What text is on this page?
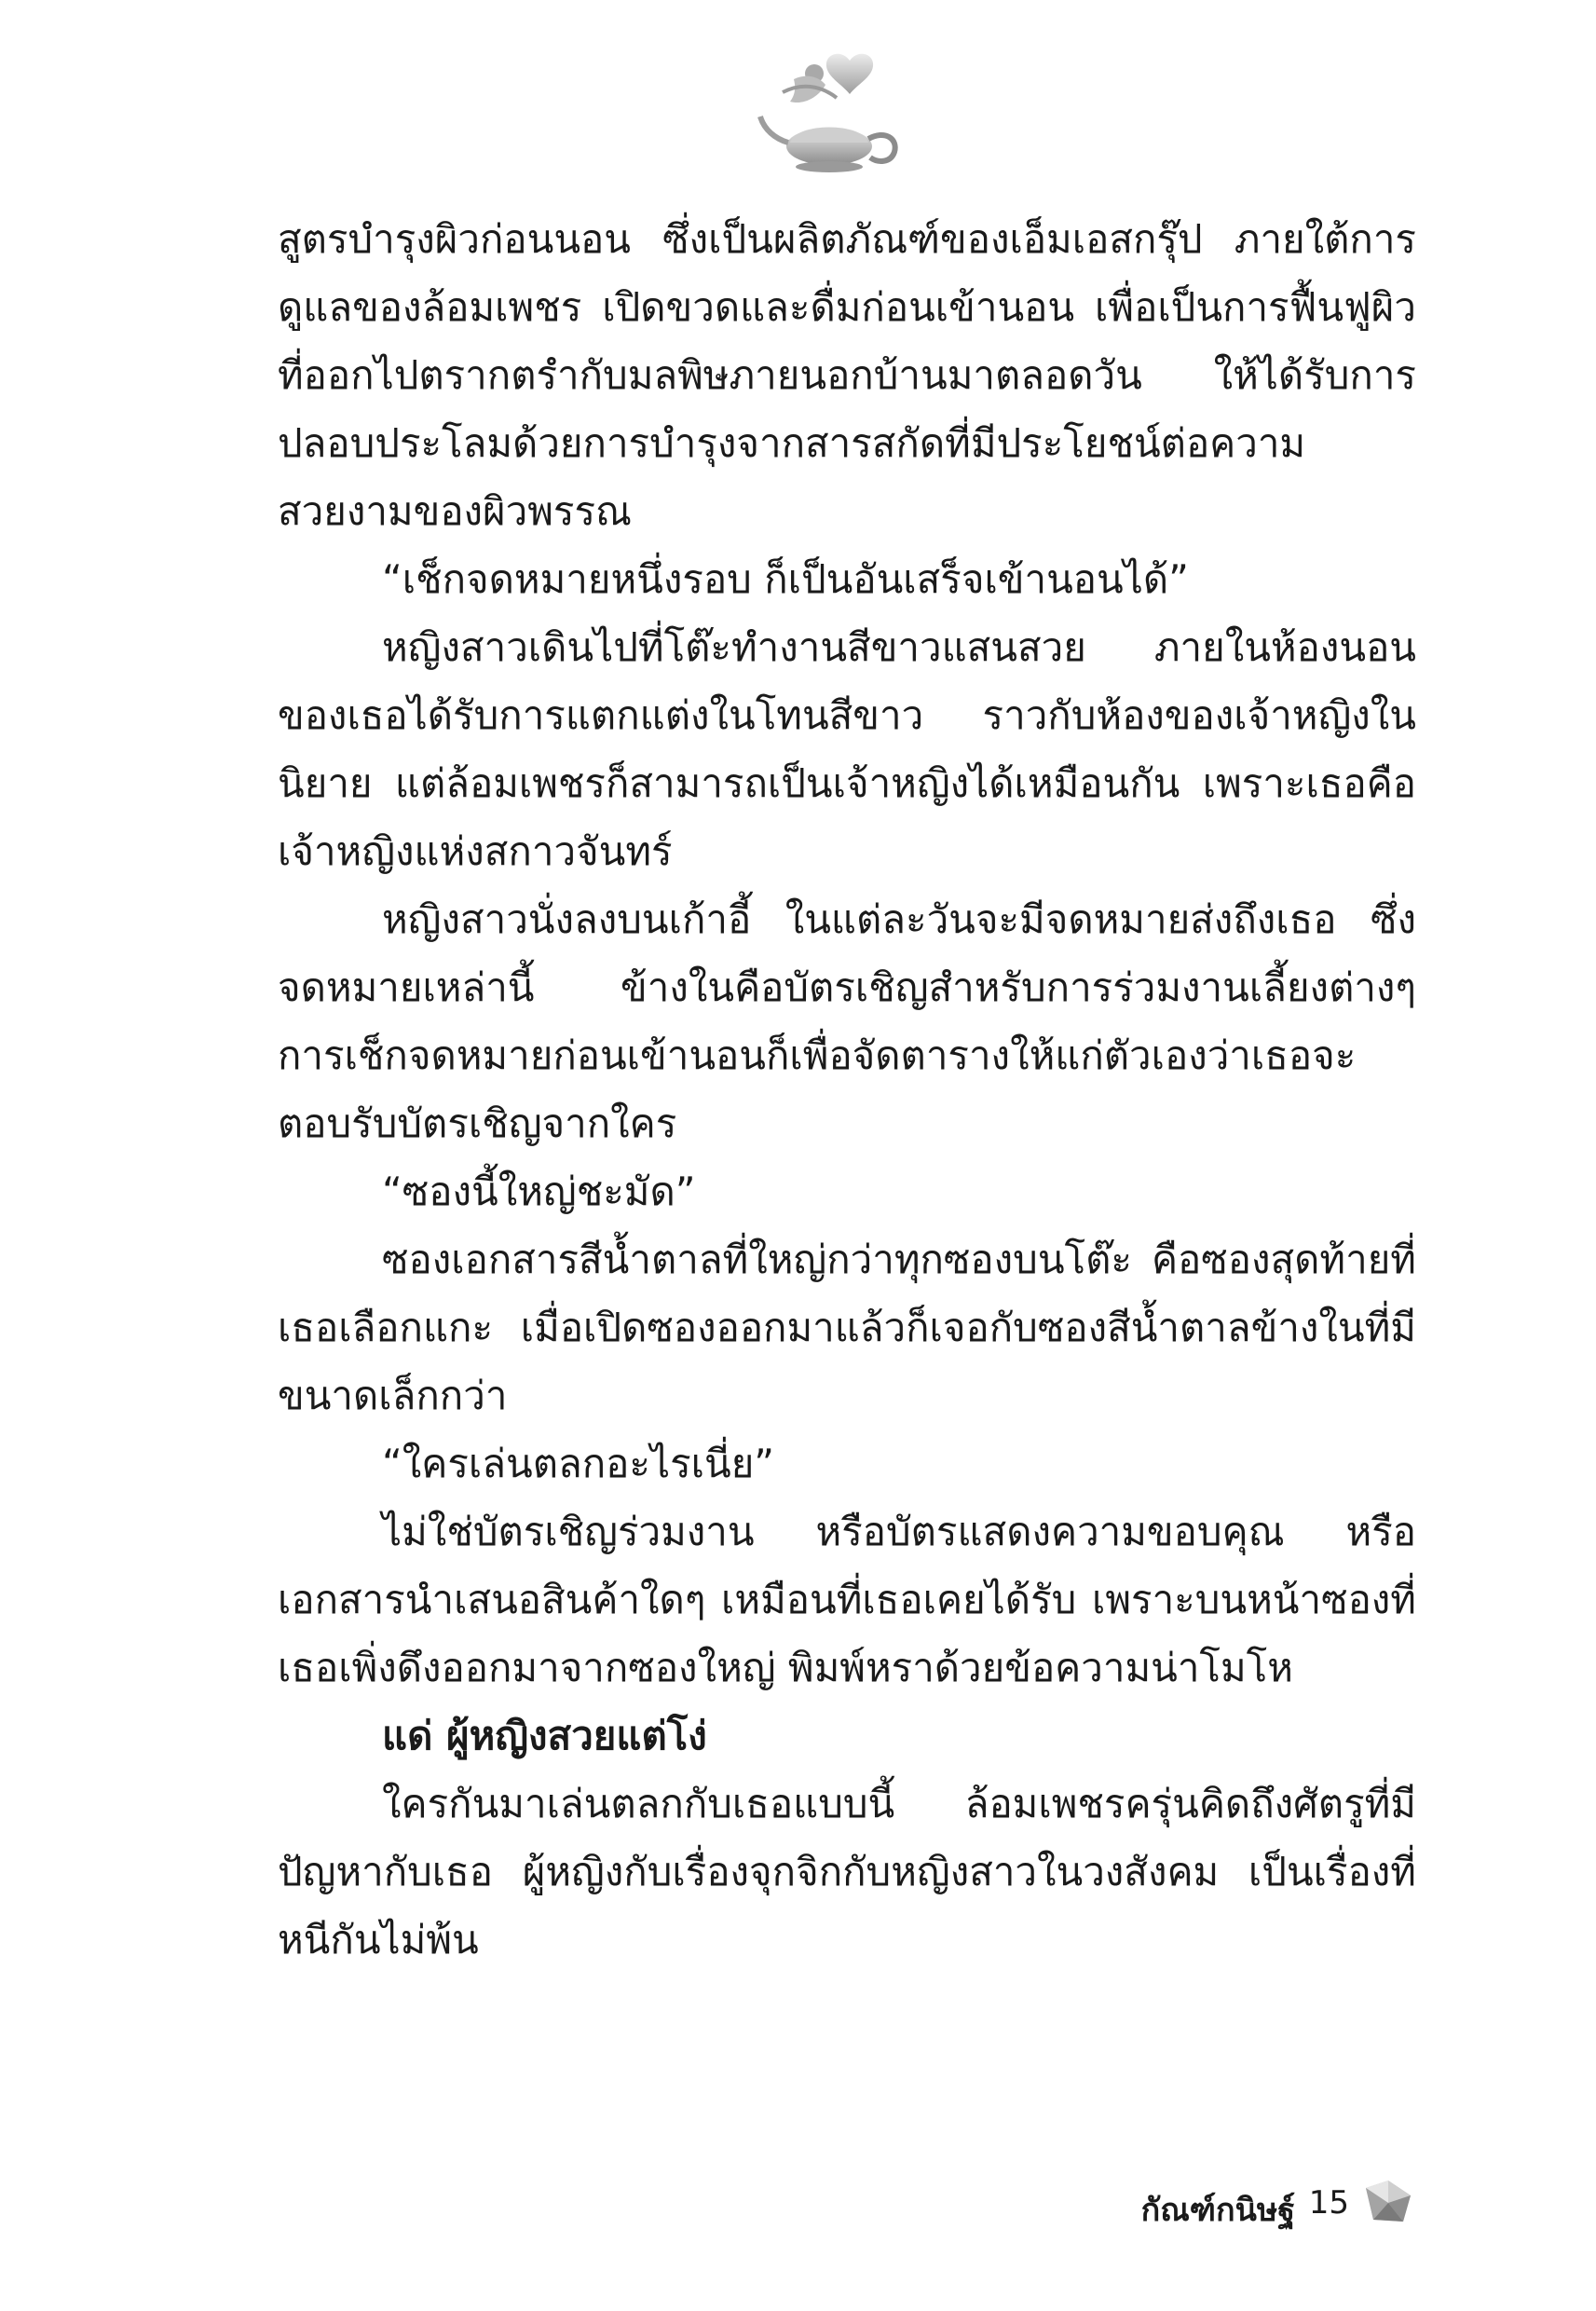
สูตรบำรุงผิวก่อนนอน ซึ่งเป็นผลิตภัณฑ์ของเอ็มเอสกรุ๊ป ภายใต้การดูแลของล้อมเพชร เปิดขวดและดื่มก่อนเข้านอน เพื่อเป็นการฟื้นฟูผิวที่ออกไปตรากตรำกับมลพิษภายนอกบ้านมาตลอดวัน ให้ได้รับการปลอบประโลมด้วยการบำรุงจากสารสกัดที่มีประโยชน์ต่อความสวยงามของผิวพรรณ

“เช็กจดหมายหนึ่งรอบ ก็เป็นอันเสร็จเข้านอนได้”

หญิงสาวเดินไปที่โต๊ะทำงานสีขาวแสนสวย ภายในห้องนอนของเธอได้รับการแตกแต่งในโทนสีขาว ราวกับห้องของเจ้าหญิงในนิยาย แต่ล้อมเพชรก็สามารถเป็นเจ้าหญิงได้เหมือนกัน เพราะเธอคือเจ้าหญิงแห่งสกาวจันทร์

หญิงสาวนั่งลงบนเก้าอี้ ในแต่ละวันจะมีจดหมายส่งถึงเธอ ซึ่งจดหมายเหล่านี้ ข้างในคือบัตรเชิญสำหรับการร่วมงานเลี้ยงต่างๆ การเช็กจดหมายก่อนเข้านอนก็เพื่อจัดตารางให้แก่ตัวเองว่าเธอจะตอบรับบัตรเชิญจากใคร

“ซองนี้ใหญ่ชะมัด”

ซองเอกสารสีน้ำตาลที่ใหญ่กว่าทุกซองบนโต๊ะ คือซองสุดท้ายที่เธอเลือกแกะ เมื่อเปิดซองออกมาแล้วก็เจอกับซองสีน้ำตาลข้างในที่มีขนาดเล็กกว่า

“ใครเล่นตลกอะไรเนี่ย”

ไม่ใช่บัตรเชิญร่วมงาน หรือบัตรแสดงความขอบคุณ หรือเอกสารนำเสนอสินค้าใดๆ เหมือนที่เธอเคยได้รับ เพราะบนหน้าซองที่เธอเพิ่งดึงออกมาจากซองใหญ่ พิมพ์หราด้วยข้อความน่าโมโห

แด่ ผู้หญิงสวยแต่โง่

ใครกันมาเล่นตลกกับเธอแบบนี้ ล้อมเพชรครุ่นคิดถึงศัตรูที่มีปัญหากับเธอ ผู้หญิงกับเรื่องจุกจิกกับหญิงสาวในวงสังคม เป็นเรื่องที่หนีกันไม่พ้น

กัณฑ์กนิษฐ์ 15
